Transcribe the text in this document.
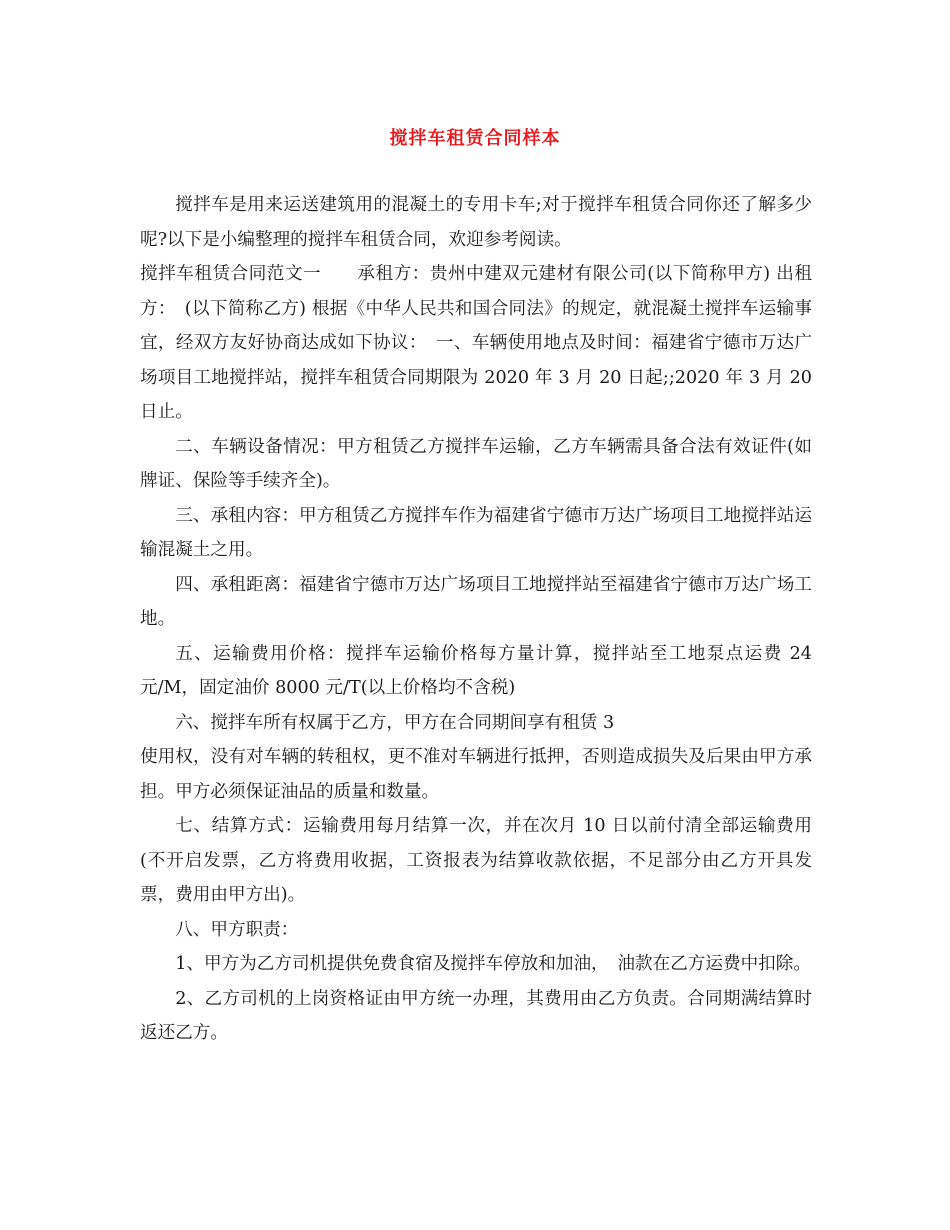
搅拌车租赁合同样本

搅拌车是用来运送建筑用的混凝土的专用卡车;对于搅拌车租赁合同你还了解多少呢?以下是小编整理的搅拌车租赁合同，欢迎参考阅读。

搅拌车租赁合同范文一　　承租方：贵州中建双元建材有限公司(以下简称甲方) 出租方：　(以下简称乙方) 根据《中华人民共和国合同法》的规定，就混凝土搅拌车运输事宜，经双方友好协商达成如下协议：　一、车辆使用地点及时间：福建省宁德市万达广场项目工地搅拌站，搅拌车租赁合同期限为 2020 年 3 月 20 日起;;2020 年 3 月 20 日止。

二、车辆设备情况：甲方租赁乙方搅拌车运输，乙方车辆需具备合法有效证件(如牌证、保险等手续齐全)。

三、承租内容：甲方租赁乙方搅拌车作为福建省宁德市万达广场项目工地搅拌站运输混凝土之用。

四、承租距离：福建省宁德市万达广场项目工地搅拌站至福建省宁德市万达广场工地。

五、运输费用价格：搅拌车运输价格每方量计算，搅拌站至工地泵点运费 24 元/M，固定油价 8000 元/T(以上价格均不含税)

六、搅拌车所有权属于乙方，甲方在合同期间享有租赁 3

使用权，没有对车辆的转租权，更不准对车辆进行抵押，否则造成损失及后果由甲方承担。甲方必须保证油品的质量和数量。

七、结算方式：运输费用每月结算一次，并在次月 10 日以前付清全部运输费用(不开启发票，乙方将费用收据，工资报表为结算收款依据，不足部分由乙方开具发票，费用由甲方出)。

八、甲方职责：

1、甲方为乙方司机提供免费食宿及搅拌车停放和加油，　油款在乙方运费中扣除。

2、乙方司机的上岗资格证由甲方统一办理，其费用由乙方负责。合同期满结算时返还乙方。
